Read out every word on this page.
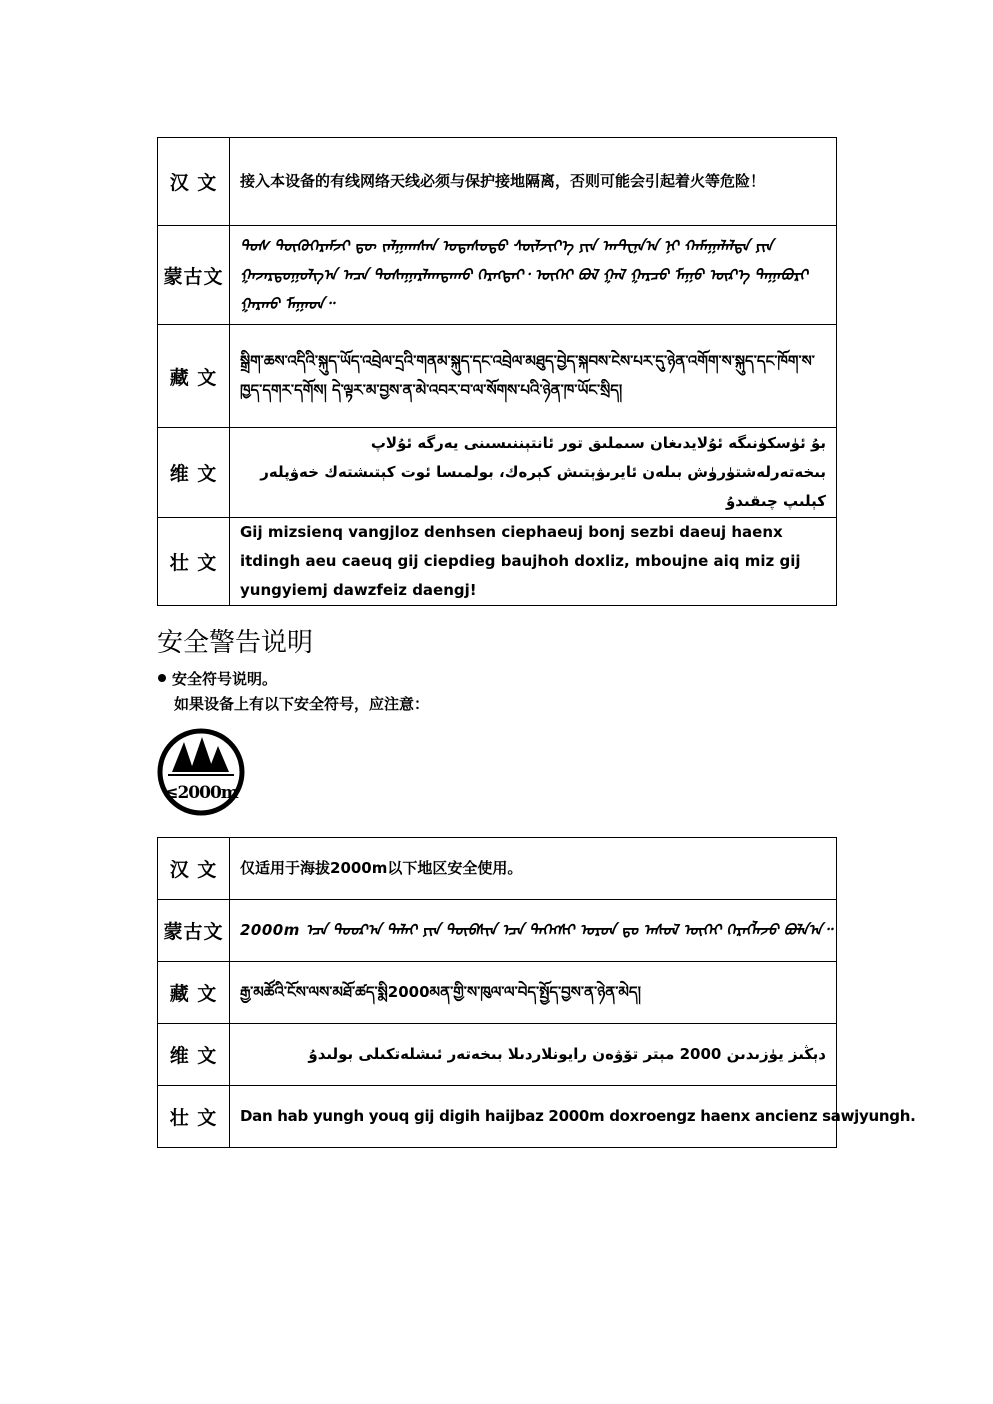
汉 文	接入本设备的有线网络天线必须与保护接地隔离，否则可能会引起着火等危险！
蒙古文	ᠲᠤᠰ ᠲᠥᠬᠥᠭᠡᠷᠡᠮᠵᠢ ᠳᠦ ᠵᠠᠯᠭᠠᠭᠰᠠᠨ ᠤᠲᠠᠰᠤᠲᠤ ᠰᠦᠯᠵᠢᠶ᠎ᠡ ᠶᠢᠨ ᠠᠨᠲ᠋ᠧᠨ᠋ᠨ᠎ᠠ ᠨᠢ ᠬᠠᠮᠠᠭᠠᠯᠠᠯᠲᠠ ᠶᠢᠨ ᠭᠠᠵᠠᠷᠳᠤᠭᠤᠯᠭ᠎ᠠ ᠠᠴᠠ ᠲᠤᠰᠠᠭᠠᠷᠯᠠᠭᠳᠠᠬᠤ ᠬᠡᠷᠡᠭᠲᠡᠢ᠂ ᠦᠭᠡᠢ ᠪᠣᠯ ᠭᠠᠯ ᠭᠠᠷᠴᠤ ᠮᠠᠭᠤ ᠦᠷ᠎ᠡ ᠳᠠᠭᠠᠪᠤᠷᠢ ᠭᠠᠷᠬᠤ ᠮᠠᠭᠠᠳ᠃
藏 文	སྒྲིག་ཆས་འདིའི་སྐུད་ཡོད་འབྲེལ་དྲའི་གནམ་སྐུད་དང་འབྲེལ་མཐུད་བྱེད་སྐབས་ངེས་པར་དུ་ཉེན་འགོག་ས་སྐུད་དང་ཁོག་ས་ཁྱད་དགར་དགོས། དེ་ལྟར་མ་བྱས་ན་མེ་འབར་བ་ལ་སོགས་པའི་ཉེན་ཁ་ཡོང་སྲིད།
维 文	بۇ ئۈسكۈنىگە ئۇلايدىغان سىملىق تور ئانتېننىسىنى يەرگە ئۇلاپ بىخەتەرلەشتۈرۈش بىلەن ئايرىۋېتىش كېرەك، بولمىسا ئوت كېتىشتەك خەۋپلەر كېلىپ چىقىدۇ
壮 文	Gij mizsienq vangjloz denhsen ciephaeuj bonj sezbi daeuj haenx itdingh aeu caeuq gij ciepdieg baujhoh doxliz, mboujne aiq miz gij yungyiemj dawzfeiz daengj!
安全警告说明
安全符号说明。
如果设备上有以下安全符号，应注意：
≤2000m
汉 文	仅适用于海拔2000m以下地区安全使用。
蒙古文	2000m ᠡᠴᠡ ᠳᠤᠤᠷ᠎ᠠ ᠳᠠᠯᠠᠢ ᠶᠢᠨ ᠲᠥᠪᠰᠢᠨ ᠡᠴᠡ ᠳᠡᠭᠡᠭᠰᠢ ᠣᠷᠣᠨ ᠳᠤ ᠠᠰᠤᠯ ᠦᠭᠡᠢ ᠬᠡᠷᠡᠭᠯᠡᠵᠦ ᠪᠣᠯᠨ᠎ᠠ᠃
藏 文	རྒྱ་མཚོའི་ངོས་ལས་མཐོ་ཚད་སྨི2000མན་གྱི་ས་ཁུལ་ལ་བེད་སྤྱོད་བྱས་ན་ཉེན་མེད།
维 文	دېڭىز يۈزىدىن 2000 مېتر تۆۋەن رايونلاردىلا بىخەتەر ئىشلەتكىلى بولىدۇ
壮 文	Dan hab yungh youq gij digih haijbaz 2000m doxroengz haenx ancienz sawjyungh.
